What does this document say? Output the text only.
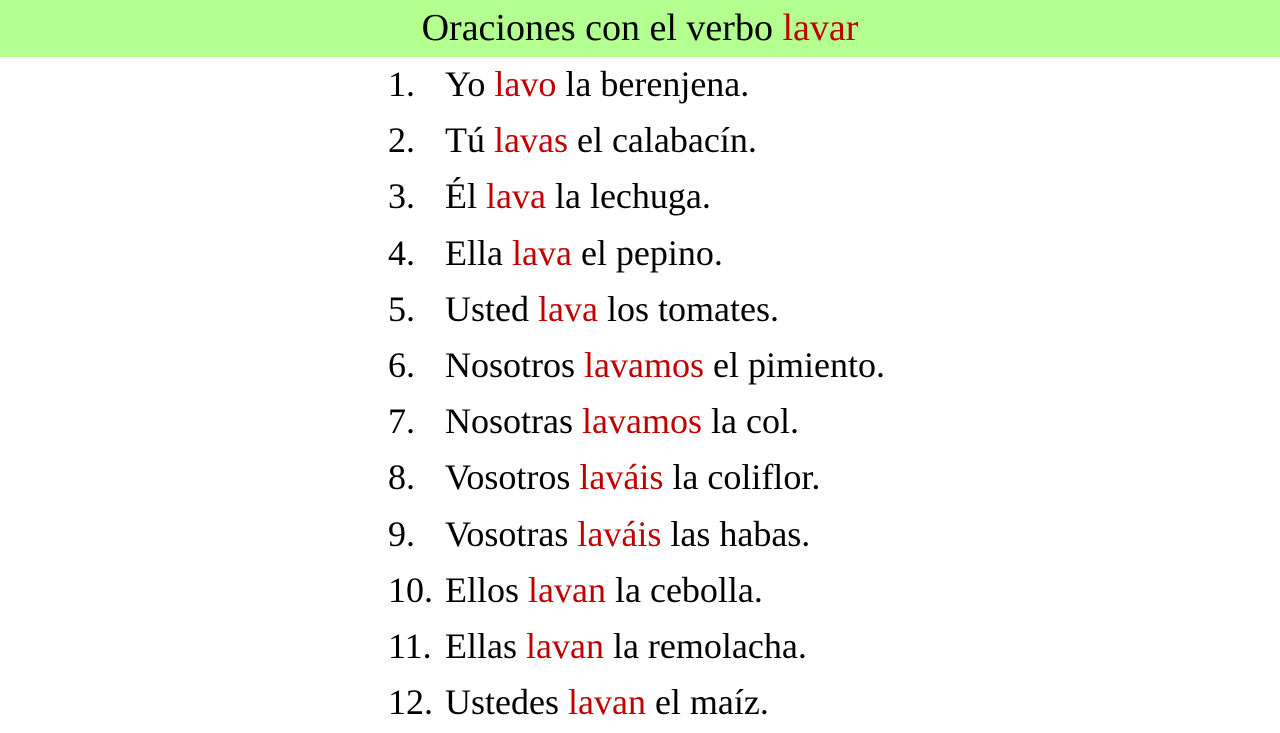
Oraciones con el verbo lavar
1. Yo lavo la berenjena.
2. Tú lavas el calabacín.
3. Él lava la lechuga.
4. Ella lava el pepino.
5. Usted lava los tomates.
6. Nosotros lavamos el pimiento.
7. Nosotras lavamos la col.
8. Vosotros laváis la coliflor.
9. Vosotras laváis las habas.
10. Ellos lavan la cebolla.
11. Ellas lavan la remolacha.
12. Ustedes lavan el maíz.
